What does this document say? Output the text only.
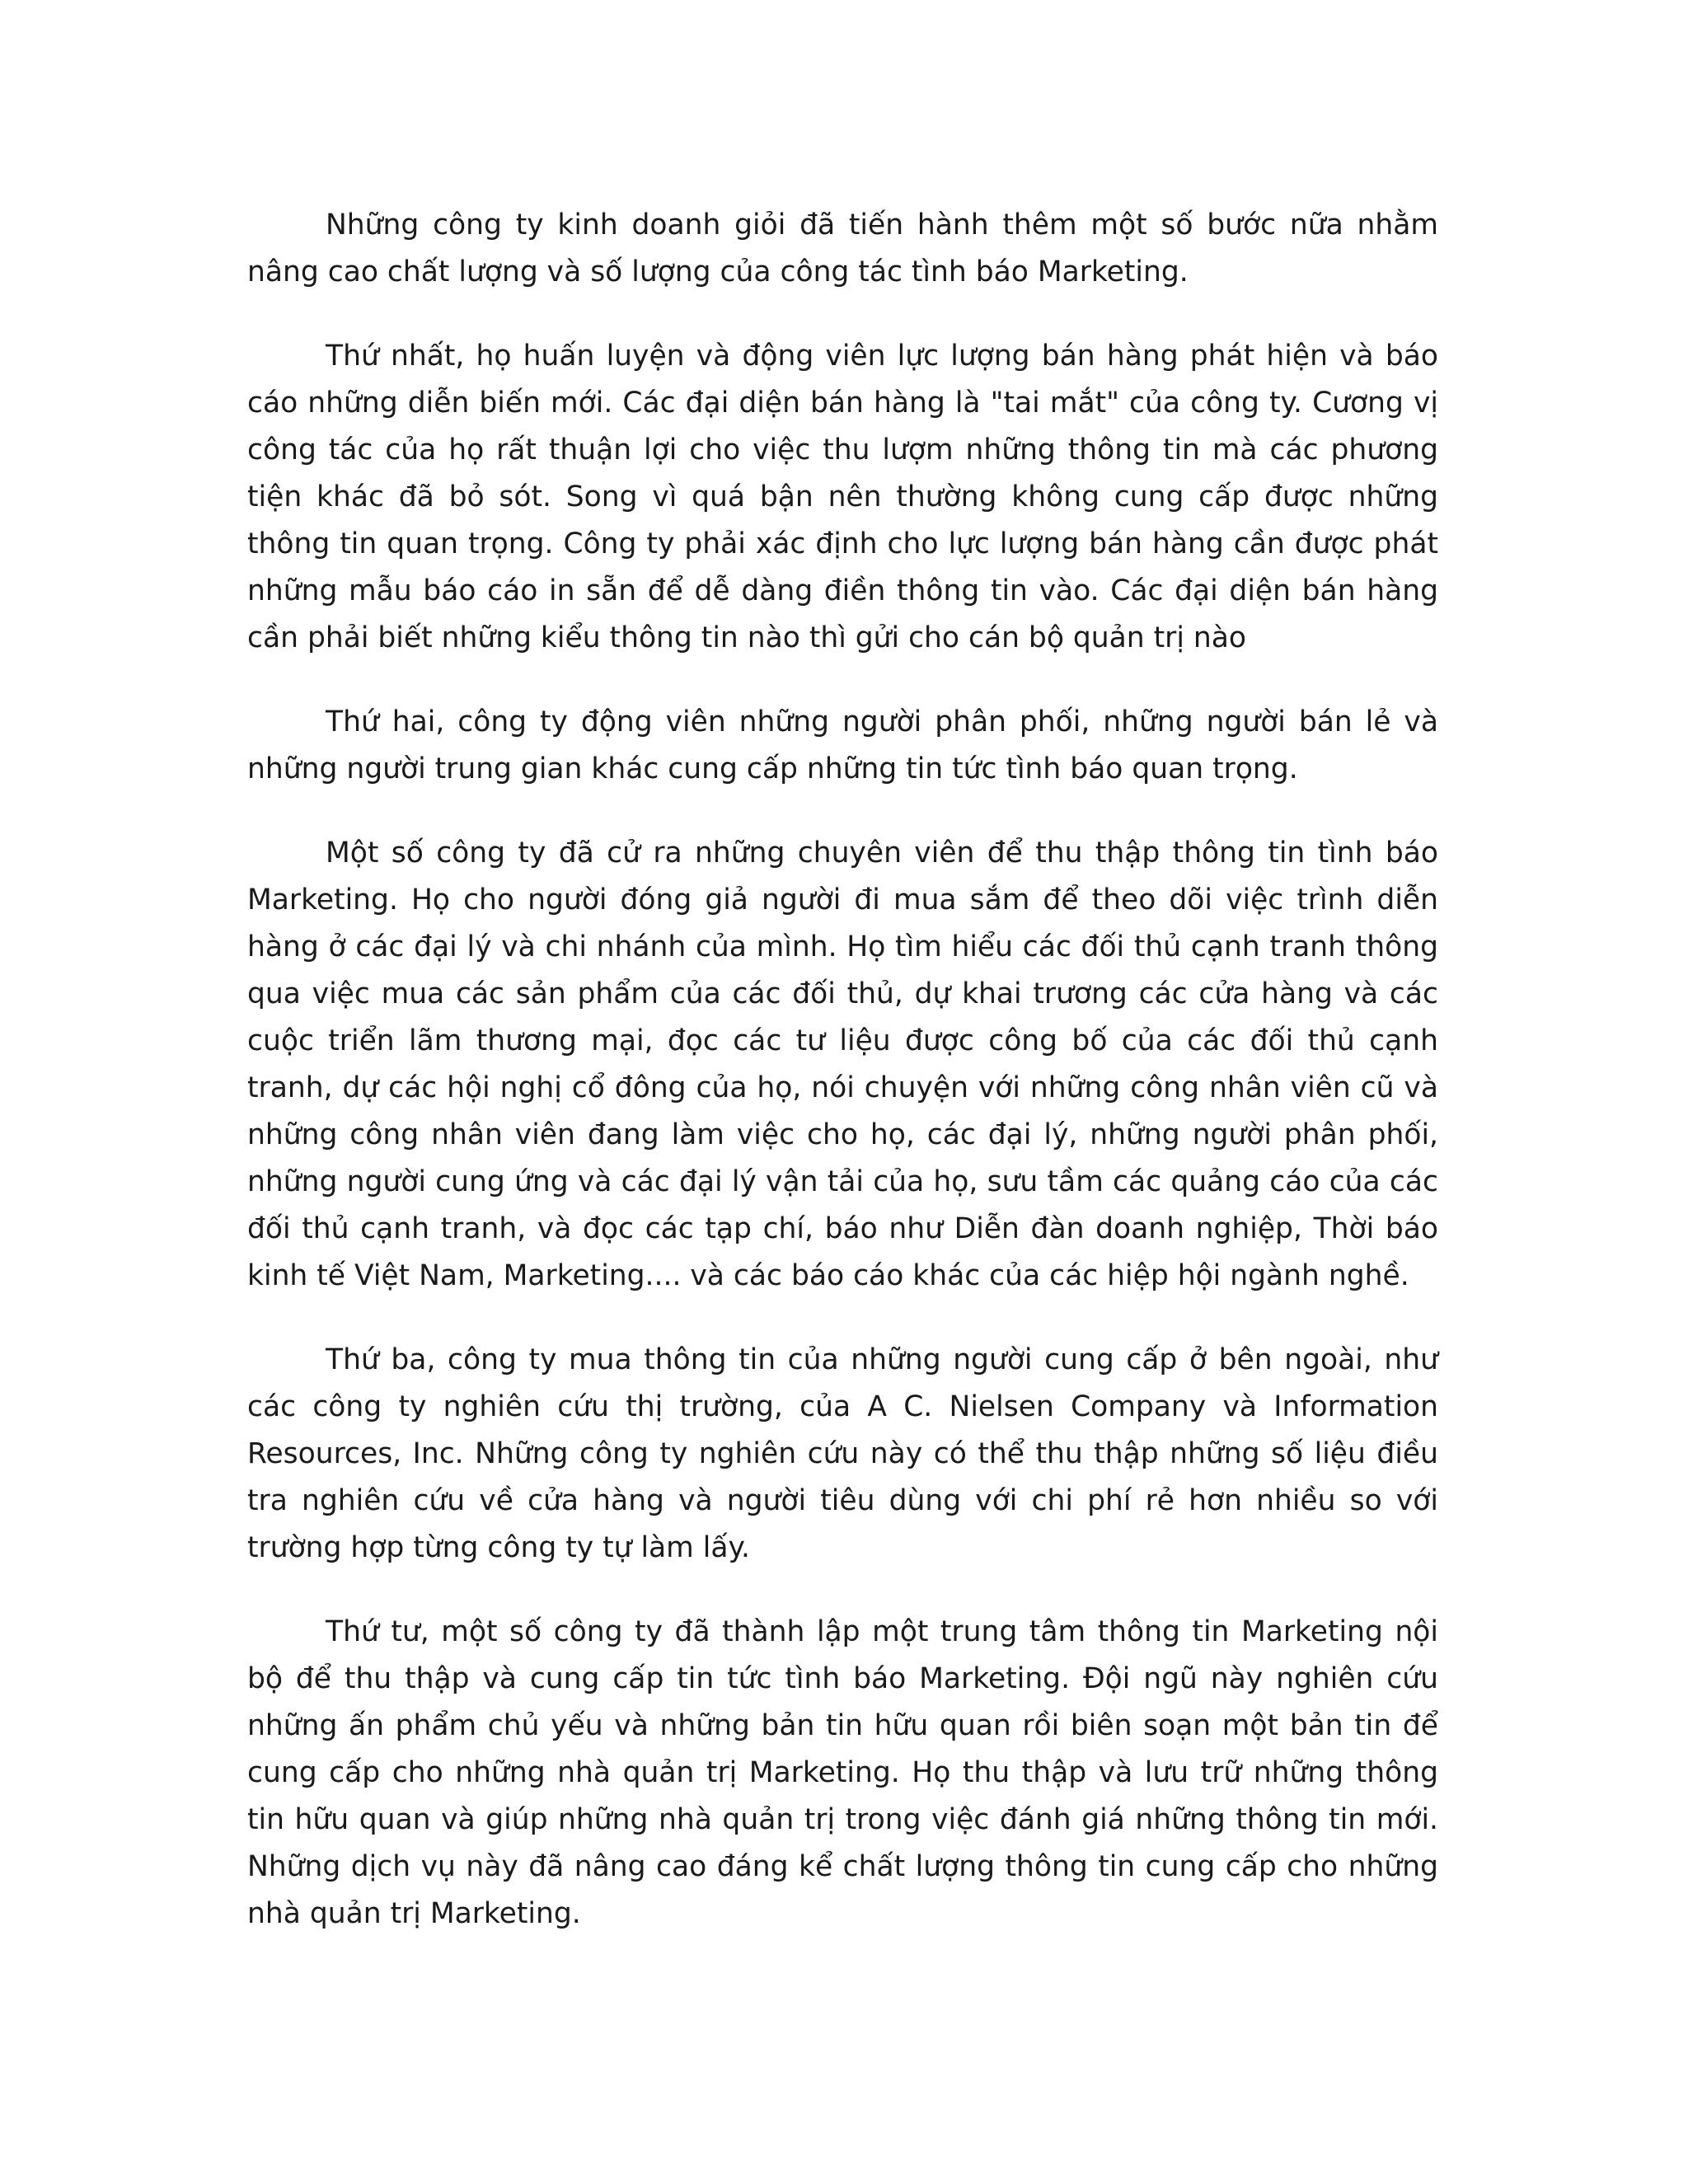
Những công ty kinh doanh giỏi đã tiến hành thêm một số bước nữa nhằm nâng cao chất lượng và số lượng của công tác tình báo Marketing.

Thứ nhất, họ huấn luyện và động viên lực lượng bán hàng phát hiện và báo cáo những diễn biến mới. Các đại diện bán hàng là "tai mắt" của công ty. Cương vị công tác của họ rất thuận lợi cho việc thu lượm những thông tin mà các phương tiện khác đã bỏ sót. Song vì quá bận nên thường không cung cấp được những thông tin quan trọng. Công ty phải xác định cho lực lượng bán hàng cần được phát những mẫu báo cáo in sẵn để dễ dàng điền thông tin vào. Các đại diện bán hàng cần phải biết những kiểu thông tin nào thì gửi cho cán bộ quản trị nào

Thứ hai, công ty động viên những người phân phối, những người bán lẻ và những người trung gian khác cung cấp những tin tức tình báo quan trọng.

Một số công ty đã cử ra những chuyên viên để thu thập thông tin tình báo Marketing. Họ cho người đóng giả người đi mua sắm để theo dõi việc trình diễn hàng ở các đại lý và chi nhánh của mình. Họ tìm hiểu các đối thủ cạnh tranh thông qua việc mua các sản phẩm của các đối thủ, dự khai trương các cửa hàng và các cuộc triển lãm thương mại, đọc các tư liệu được công bố của các đối thủ cạnh tranh, dự các hội nghị cổ đông của họ, nói chuyện với những công nhân viên cũ và những công nhân viên đang làm việc cho họ, các đại lý, những người phân phối, những người cung ứng và các đại lý vận tải của họ, sưu tầm các quảng cáo của các đối thủ cạnh tranh, và đọc các tạp chí, báo như Diễn đàn doanh nghiệp, Thời báo kinh tế Việt Nam, Marketing.... và các báo cáo khác của các hiệp hội ngành nghề.

Thứ ba, công ty mua thông tin của những người cung cấp ở bên ngoài, như các công ty nghiên cứu thị trường, của A C. Nielsen Company và Information Resources, Inc. Những công ty nghiên cứu này có thể thu thập những số liệu điều tra nghiên cứu về cửa hàng và người tiêu dùng với chi phí rẻ hơn nhiều so với trường hợp từng công ty tự làm lấy.

Thứ tư, một số công ty đã thành lập một trung tâm thông tin Marketing nội bộ để thu thập và cung cấp tin tức tình báo Marketing. Đội ngũ này nghiên cứu những ấn phẩm chủ yếu và những bản tin hữu quan rồi biên soạn một bản tin để cung cấp cho những nhà quản trị Marketing. Họ thu thập và lưu trữ những thông tin hữu quan và giúp những nhà quản trị trong việc đánh giá những thông tin mới. Những dịch vụ này đã nâng cao đáng kể chất lượng thông tin cung cấp cho những nhà quản trị Marketing.
